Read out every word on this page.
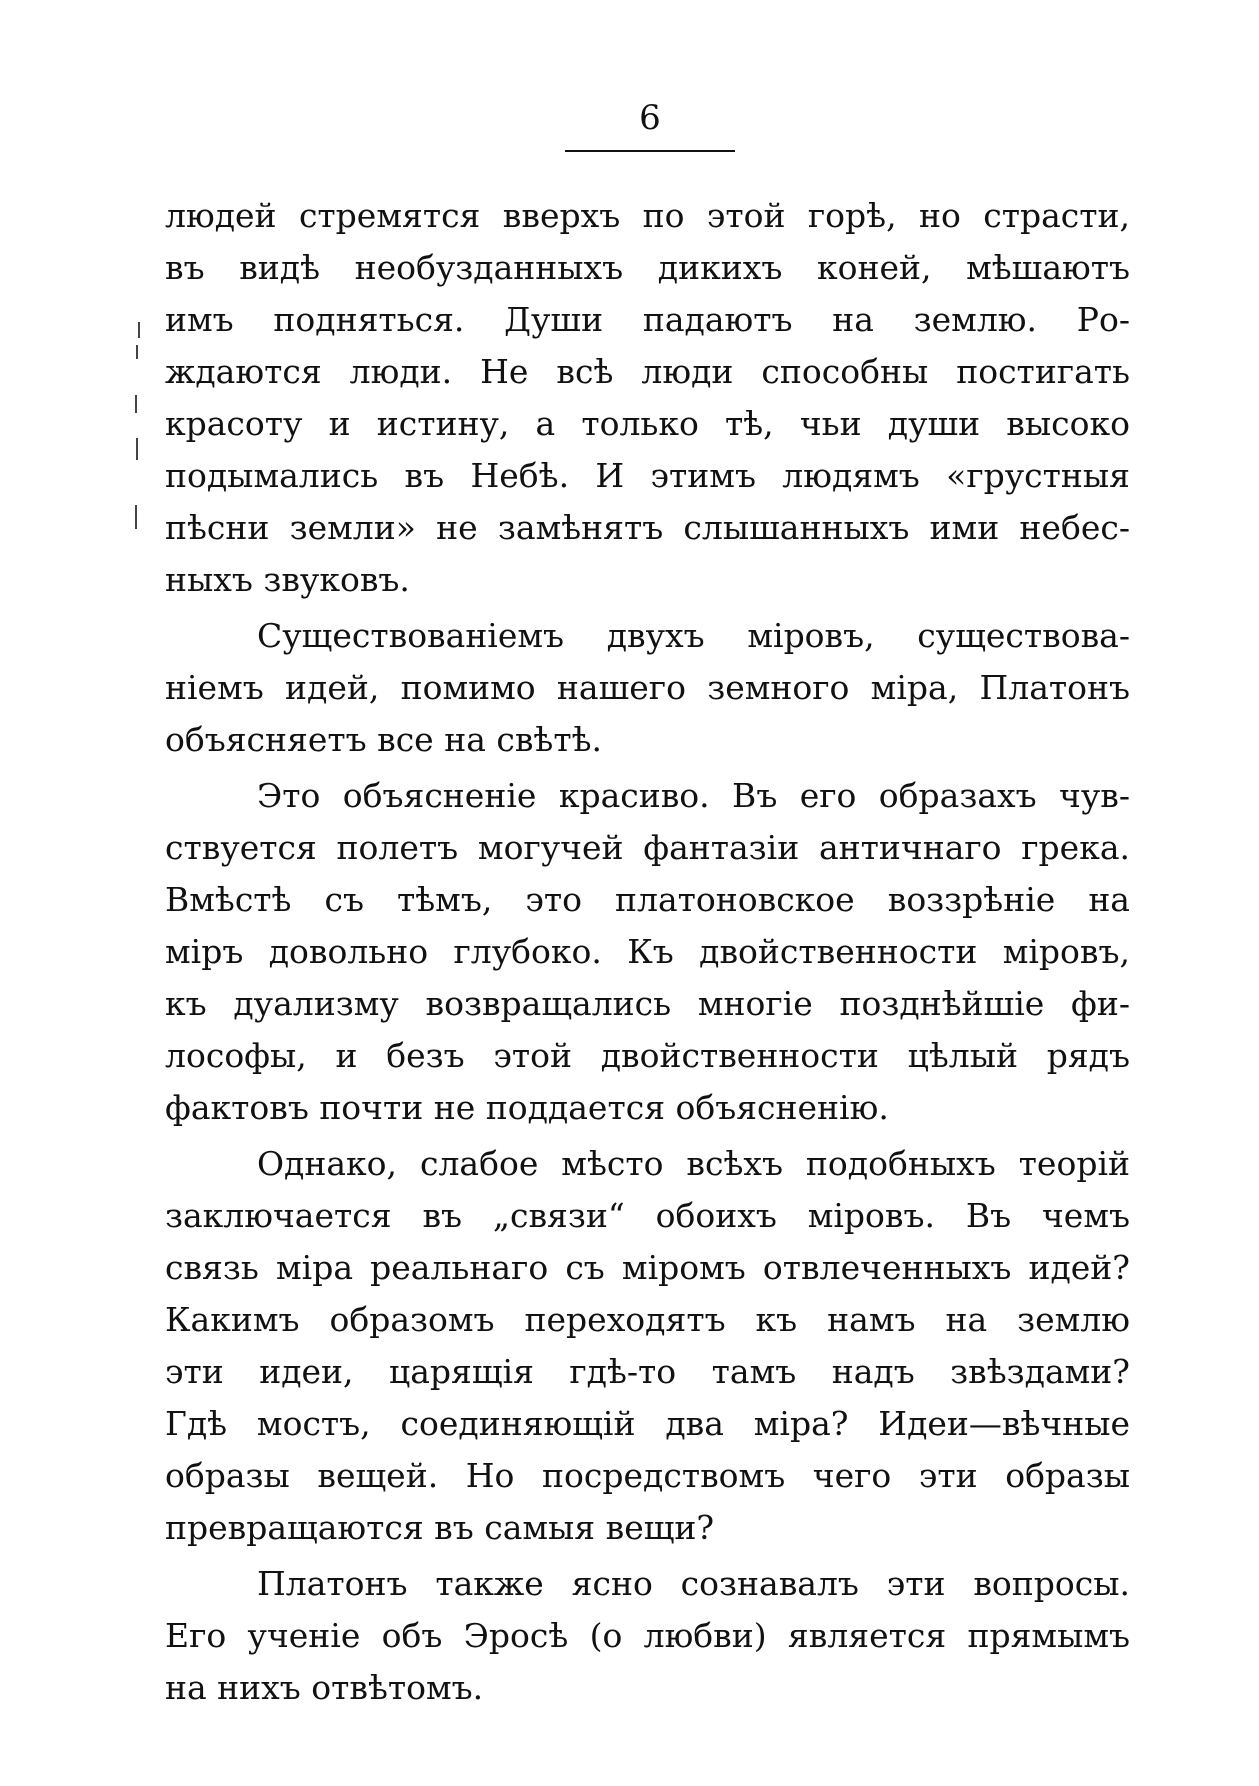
6
людей стремятся вверхъ по этой горѣ, но страсти,
въ видѣ необузданныхъ дикихъ коней, мѣшаютъ
имъ подняться. Души падаютъ на землю. Ро-
ждаются люди. Не всѣ люди способны постигать
красоту и истину, а только тѣ, чьи души высоко
подымались въ Небѣ. И этимъ людямъ «грустныя
пѣсни земли» не замѣнятъ слышанныхъ ими небес-
ныхъ звуковъ.
Существованіемъ двухъ міровъ, существова-
ніемъ идей, помимо нашего земного міра, Платонъ
объясняетъ все на свѣтѣ.
Это объясненіе красиво. Въ его образахъ чув-
ствуется полетъ могучей фантазіи античнаго грека.
Вмѣстѣ съ тѣмъ, это платоновское воззрѣніе на
міръ довольно глубоко. Къ двойственности міровъ,
къ дуализму возвращались многіе позднѣйшіе фи-
лософы, и безъ этой двойственности цѣлый рядъ
фактовъ почти не поддается объясненію.
Однако, слабое мѣсто всѣхъ подобныхъ теорій
заключается въ „связи“ обоихъ міровъ. Въ чемъ
связь міра реальнаго съ міромъ отвлеченныхъ идей?
Какимъ образомъ переходятъ къ намъ на землю
эти идеи, царящія гдѣ-то тамъ надъ звѣздами?
Гдѣ мостъ, соединяющій два міра? Идеи—вѣчные
образы вещей. Но посредствомъ чего эти образы
превращаются въ самыя вещи?
Платонъ также ясно сознавалъ эти вопросы.
Его ученіе объ Эросѣ (о любви) является прямымъ
на нихъ отвѣтомъ.
